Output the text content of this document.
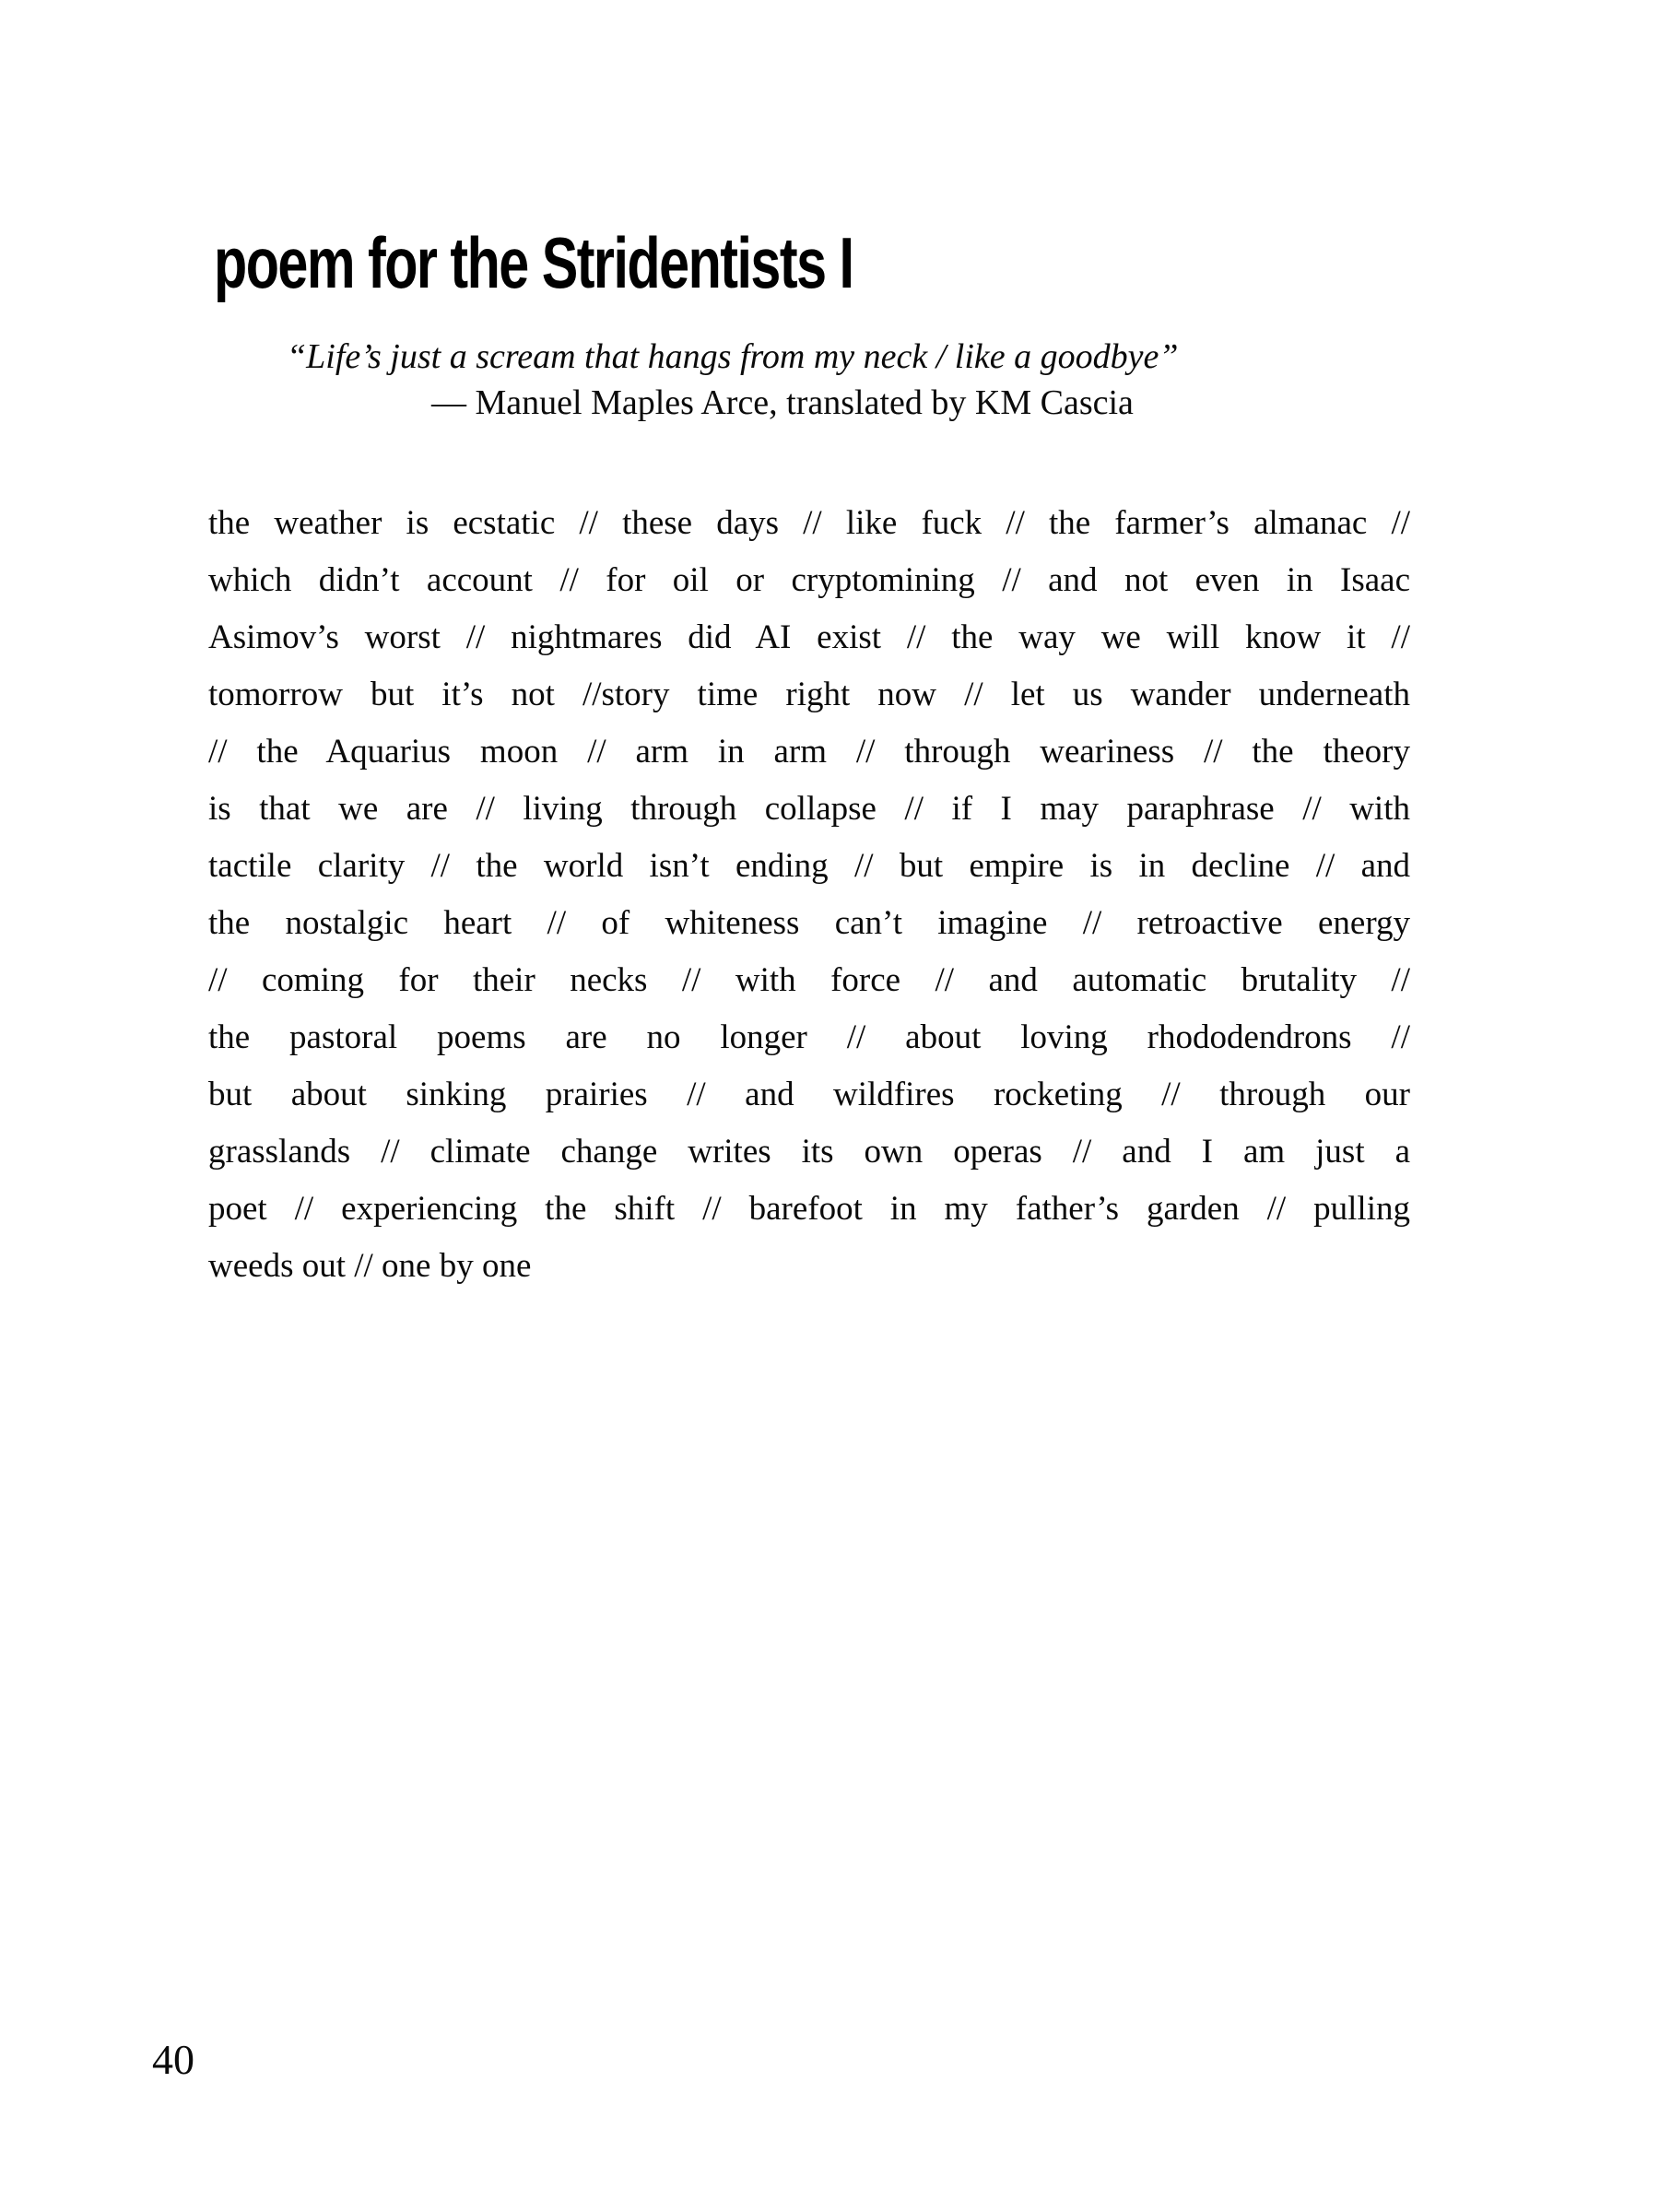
poem for the Stridentists I
“Life’s just a scream that hangs from my neck / like a goodbye”
— Manuel Maples Arce, translated by KM Cascia
the weather is ecstatic // these days // like fuck // the farmer’s almanac //
which didn’t account // for oil or cryptomining // and not even in Isaac
Asimov’s worst // nightmares did AI exist // the way we will know it //
tomorrow but it’s not //story time right now // let us wander underneath
// the Aquarius moon // arm in arm // through weariness // the theory
is that we are // living through collapse // if I may paraphrase // with
tactile clarity // the world isn’t ending // but empire is in decline // and
the nostalgic heart // of whiteness can’t imagine // retroactive energy
// coming for their necks // with force // and automatic brutality //
the pastoral poems are no longer // about loving rhododendrons //
but about sinking prairies // and wildfires rocketing // through our
grasslands // climate change writes its own operas // and I am just a
poet // experiencing the shift // barefoot in my father’s garden // pulling
weeds out // one by one
40
